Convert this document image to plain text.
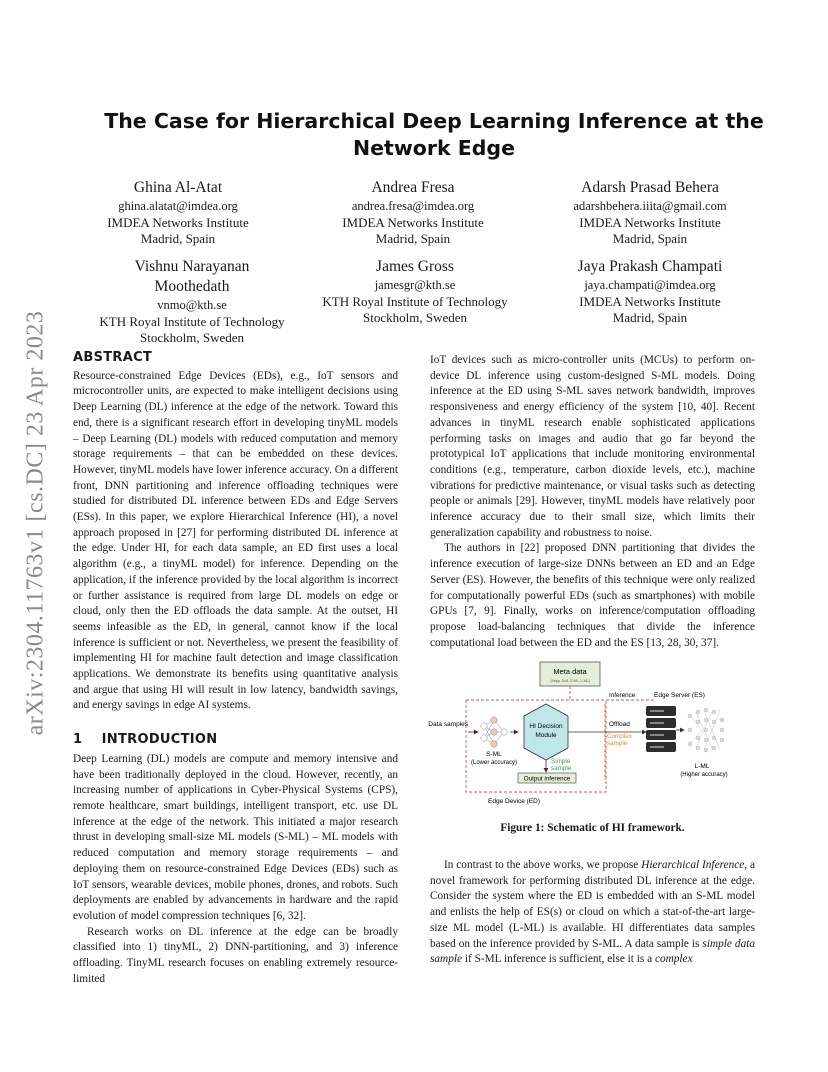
arXiv:2304.11763v1 [cs.DC] 23 Apr 2023
The Case for Hierarchical Deep Learning Inference at the
Network Edge
Ghina Al-Atat
ghina.alatat@imdea.org
IMDEA Networks Institute
Madrid, Spain
Andrea Fresa
andrea.fresa@imdea.org
IMDEA Networks Institute
Madrid, Spain
Adarsh Prasad Behera
adarshbehera.iiita@gmail.com
IMDEA Networks Institute
Madrid, Spain
Vishnu Narayanan
Moothedath
vnmo@kth.se
KTH Royal Institute of Technology
Stockholm, Sweden
James Gross
jamesgr@kth.se
KTH Royal Institute of Technology
Stockholm, Sweden
Jaya Prakash Champati
jaya.champati@imdea.org
IMDEA Networks Institute
Madrid, Spain
ABSTRACT

Resource-constrained Edge Devices (EDs), e.g., IoT sensors and microcontroller units, are expected to make intelligent decisions using Deep Learning (DL) inference at the edge of the network. Toward this end, there is a significant research effort in developing tinyML models – Deep Learning (DL) models with reduced computation and memory storage requirements – that can be embedded on these devices. However, tinyML models have lower inference accuracy. On a different front, DNN partitioning and inference offloading techniques were studied for distributed DL inference between EDs and Edge Servers (ESs). In this paper, we explore Hierarchical Inference (HI), a novel approach proposed in [27] for performing distributed DL inference at the edge. Under HI, for each data sample, an ED first uses a local algorithm (e.g., a tinyML model) for inference. Depending on the application, if the inference provided by the local algorithm is incorrect or further assistance is required from large DL models on edge or cloud, only then the ED offloads the data sample. At the outset, HI seems infeasible as the ED, in general, cannot know if the local inference is sufficient or not. Nevertheless, we present the feasibility of implementing HI for machine fault detection and image classification applications. We demonstrate its benefits using quantitative analysis and argue that using HI will result in low latency, bandwidth savings, and energy savings in edge AI systems.

1 INTRODUCTION

Deep Learning (DL) models are compute and memory intensive and have been traditionally deployed in the cloud. However, recently, an increasing number of applications in Cyber-Physical Systems (CPS), remote healthcare, smart buildings, intelligent transport, etc. use DL inference at the edge of the network. This initiated a major research thrust in developing small-size ML models (S-ML) – ML models with reduced computation and memory storage requirements – and deploying them on resource-constrained Edge Devices (EDs) such as IoT sensors, wearable devices, mobile phones, drones, and robots. Such deployments are enabled by advancements in hardware and the rapid evolution of model compression techniques [6, 32].

Research works on DL inference at the edge can be broadly classified into 1) tinyML, 2) DNN-partitioning, and 3) inference offloading. TinyML research focuses on enabling extremely resource-limited

IoT devices such as micro-controller units (MCUs) to perform on-device DL inference using custom-designed S-ML models. Doing inference at the ED using S-ML saves network bandwidth, improves responsiveness and energy efficiency of the system [10, 40]. Recent advances in tinyML research enable sophisticated applications performing tasks on images and audio that go far beyond the prototypical IoT applications that include monitoring environmental conditions (e.g., temperature, carbon dioxide levels, etc.), machine vibrations for predictive maintenance, or visual tasks such as detecting people or animals [29]. However, tinyML models have relatively poor inference accuracy due to their small size, which limits their generalization capability and robustness to noise.

The authors in [22] proposed DNN partitioning that divides the inference execution of large-size DNNs between an ED and an Edge Server (ES). However, the benefits of this technique were only realized for computationally powerful EDs (such as smartphones) with mobile GPUs [7, 9]. Finally, works on inference/computation offloading propose load-balancing techniques that divide the inference computational load between the ED and the ES [13, 28, 30, 37].

Meta data
(Sepp. SoS, S-ML, L-ML)
Data samples
S-ML
(Lower accuracy)
HI Decision
Module
Offload
Complex
sample
Inference	Edge Server (ES)
L-ML
(Higher accuracy)
Simple
sample
Output inference
Edge Device (ED)
Figure 1: Schematic of HI framework.

In contrast to the above works, we propose Hierarchical Inference, a novel framework for performing distributed DL inference at the edge. Consider the system where the ED is embedded with an S-ML model and enlists the help of ES(s) or cloud on which a stat-of-the-art large-size ML model (L-ML) is available. HI differentiates data samples based on the inference provided by S-ML. A data sample is simple data sample if S-ML inference is sufficient, else it is a complex
